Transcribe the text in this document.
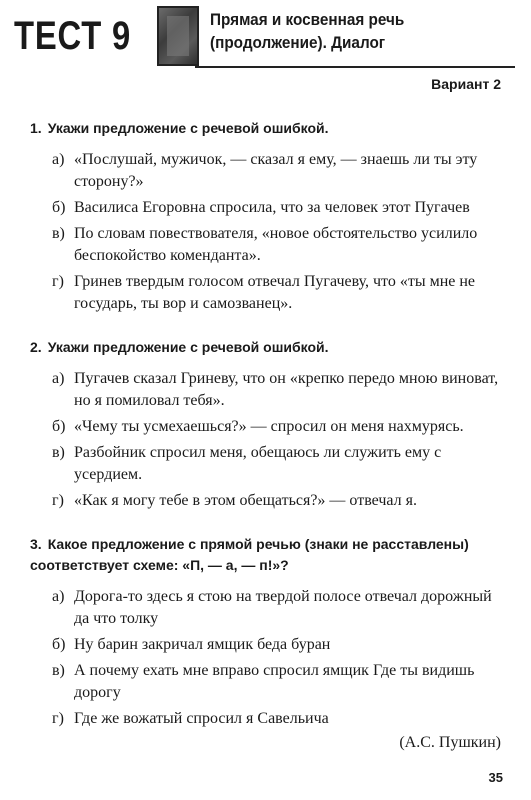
ТЕСТ 9	Прямая и косвенная речь
(продолжение). Диалог
Вариант 2
1. Укажи предложение с речевой ошибкой.
а) «Послушай, мужичок, — сказал я ему, — знаешь ли ты эту сторону?»
б) Василиса Егоровна спросила, что за человек этот Пугачев
в) По словам повествователя, «новое обстоятельство усилило беспокойство коменданта».
г) Гринев твердым голосом отвечал Пугачеву, что «ты мне не государь, ты вор и самозванец».
2. Укажи предложение с речевой ошибкой.
а) Пугачев сказал Гриневу, что он «крепко передо мною виноват, но я помиловал тебя».
б) «Чему ты усмехаешься?» — спросил он меня нахмурясь.
в) Разбойник спросил меня, обещаюсь ли служить ему с усердием.
г) «Как я могу тебе в этом обещаться?» — отвечал я.
3. Какое предложение с прямой речью (знаки не расставлены) соответствует схеме: «П, — а, — п!»?
а) Дорога-то здесь я стою на твердой полосе отвечал дорожный да что толку
б) Ну барин закричал ямщик беда буран
в) А почему ехать мне вправо спросил ямщик Где ты видишь дорогу
г) Где же вожатый спросил я Савельича
(А.С. Пушкин)
35
